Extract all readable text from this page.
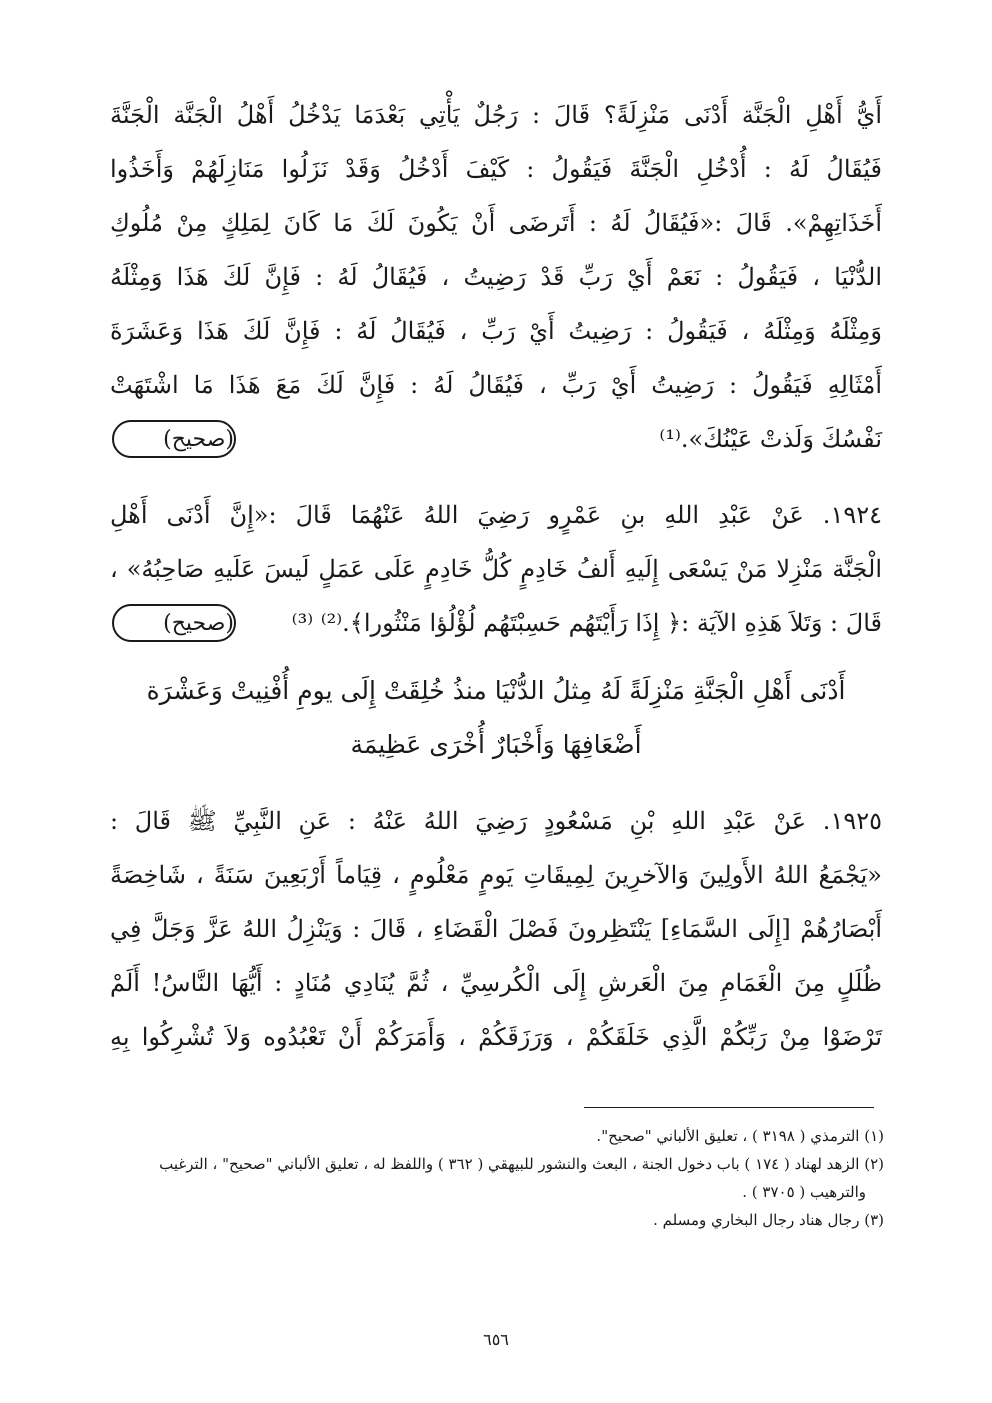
أَيُّ أَهْلِ الْجَنَّة أَدْنَى مَنْزِلَةً؟ قَالَ : رَجُلٌ يَأْتِي بَعْدَمَا يَدْخُلُ أَهْلُ الْجَنَّة الْجَنَّةَ
فَيُقَالُ لَهُ : أُدْخُلِ الْجَنَّةَ فَيَقُولُ : كَيْفَ أَدْخُلُ وَقَدْ نَزَلُوا مَنَازِلَهُمْ وَأَخَذُوا
أَخَذَاتِهِمْ». قَالَ :«فَيُقَالُ لَهُ : أَتَرضَى أَنْ يَكُونَ لَكَ مَا كَانَ لِمَلِكٍ مِنْ مُلُوكِ
الدُّنْيَا ، فَيَقُولُ : نَعَمْ أَيْ رَبِّ قَدْ رَضِيتُ ، فَيُقَالُ لَهُ : فَإِنَّ لَكَ هَذَا وَمِثْلَهُ
وَمِثْلَهُ وَمِثْلَهُ ، فَيَقُولُ : رَضِيتُ أَيْ رَبِّ ، فَيُقَالُ لَهُ : فَإِنَّ لَكَ هَذَا وَعَشَرَةَ
أَمْثَالِهِ فَيَقُولُ : رَضِيتُ أَيْ رَبِّ ، فَيُقَالُ لَهُ : فَإِنَّ لَكَ مَعَ هَذَا مَا اشْتَهَتْ
نَفْسُكَ وَلَذتْ عَيْنُكَ».⁽¹⁾
(صحيح)
١٩٢٤. عَنْ عَبْدِ اللهِ بنِ عَمْرٍو رَضِيَ اللهُ عَنْهُمَا قَالَ :«إِنَّ أَدْنَى أَهْلِ
الْجَنَّة مَنْزِلا مَنْ يَسْعَى إِلَيهِ أَلفُ خَادِمٍ كُلُّ خَادِمٍ عَلَى عَمَلٍ لَيسَ عَلَيهِ صَاحِبُهُ» ،
قَالَ : وَتَلاَ هَذِهِ الآيَة :﴿ إِذَا رَأَيْتَهُم حَسِبْتَهُم لُؤْلُؤا مَنْثُورا﴾.⁽²⁾ ⁽³⁾
(صحيح)
أَدْنَى أَهْلِ الْجَنَّةِ مَنْزِلَةً لَهُ مِثلُ الدُّنْيَا منذُ خُلِقَتْ إِلَى يومِ أُفْنِيتْ وَعَشْرَة
أَضْعَافِهَا وَأَخْبَارٌ أُخْرَى عَظِيمَة
١٩٢٥. عَنْ عَبْدِ اللهِ بْنِ مَسْعُودٍ رَضِيَ اللهُ عَنْهُ : عَنِ النَّبِيِّ ﷺ قَالَ :
«يَجْمَعُ اللهُ الأَولِينَ وَالآخرِينَ لِمِيقَاتِ يَومٍ مَعْلُومٍ ، قِيَاماً أَرْبَعِينَ سَنَةً ، شَاخِصَةً
أَبْصَارُهُمْ [إِلَى السَّمَاءِ] يَنْتَظِرونَ فَصْلَ الْقَضَاءِ ، قَالَ : وَيَنْزِلُ اللهُ عَزَّ وَجَلَّ فِي
ظُلَلٍ مِنَ الْغَمَامِ مِنَ الْعَرشِ إِلَى الْكُرسِيِّ ، ثُمَّ يُنَادِي مُنَادٍ : أَيُّهَا النَّاسُ! أَلَمْ
تَرْضَوْا مِنْ رَبِّكُمْ الَّذِي خَلَقَكُمْ ، وَرَزَقَكُمْ ، وَأَمَرَكُمْ أَنْ تَعْبُدُوه وَلاَ تُشْرِكُوا بِهِ
(١) الترمذي ( ٣١٩٨ ) ، تعليق الألباني "صحيح".
(٢) الزهد لهناد ( ١٧٤ ) باب دخول الجنة ، البعث والنشور للبيهقي ( ٣٦٢ ) واللفظ له ، تعليق الألباني "صحيح" ، الترغيب
والترهيب ( ٣٧٠٥ ) .
(٣) رجال هناد رجال البخاري ومسلم .
٦٥٦
